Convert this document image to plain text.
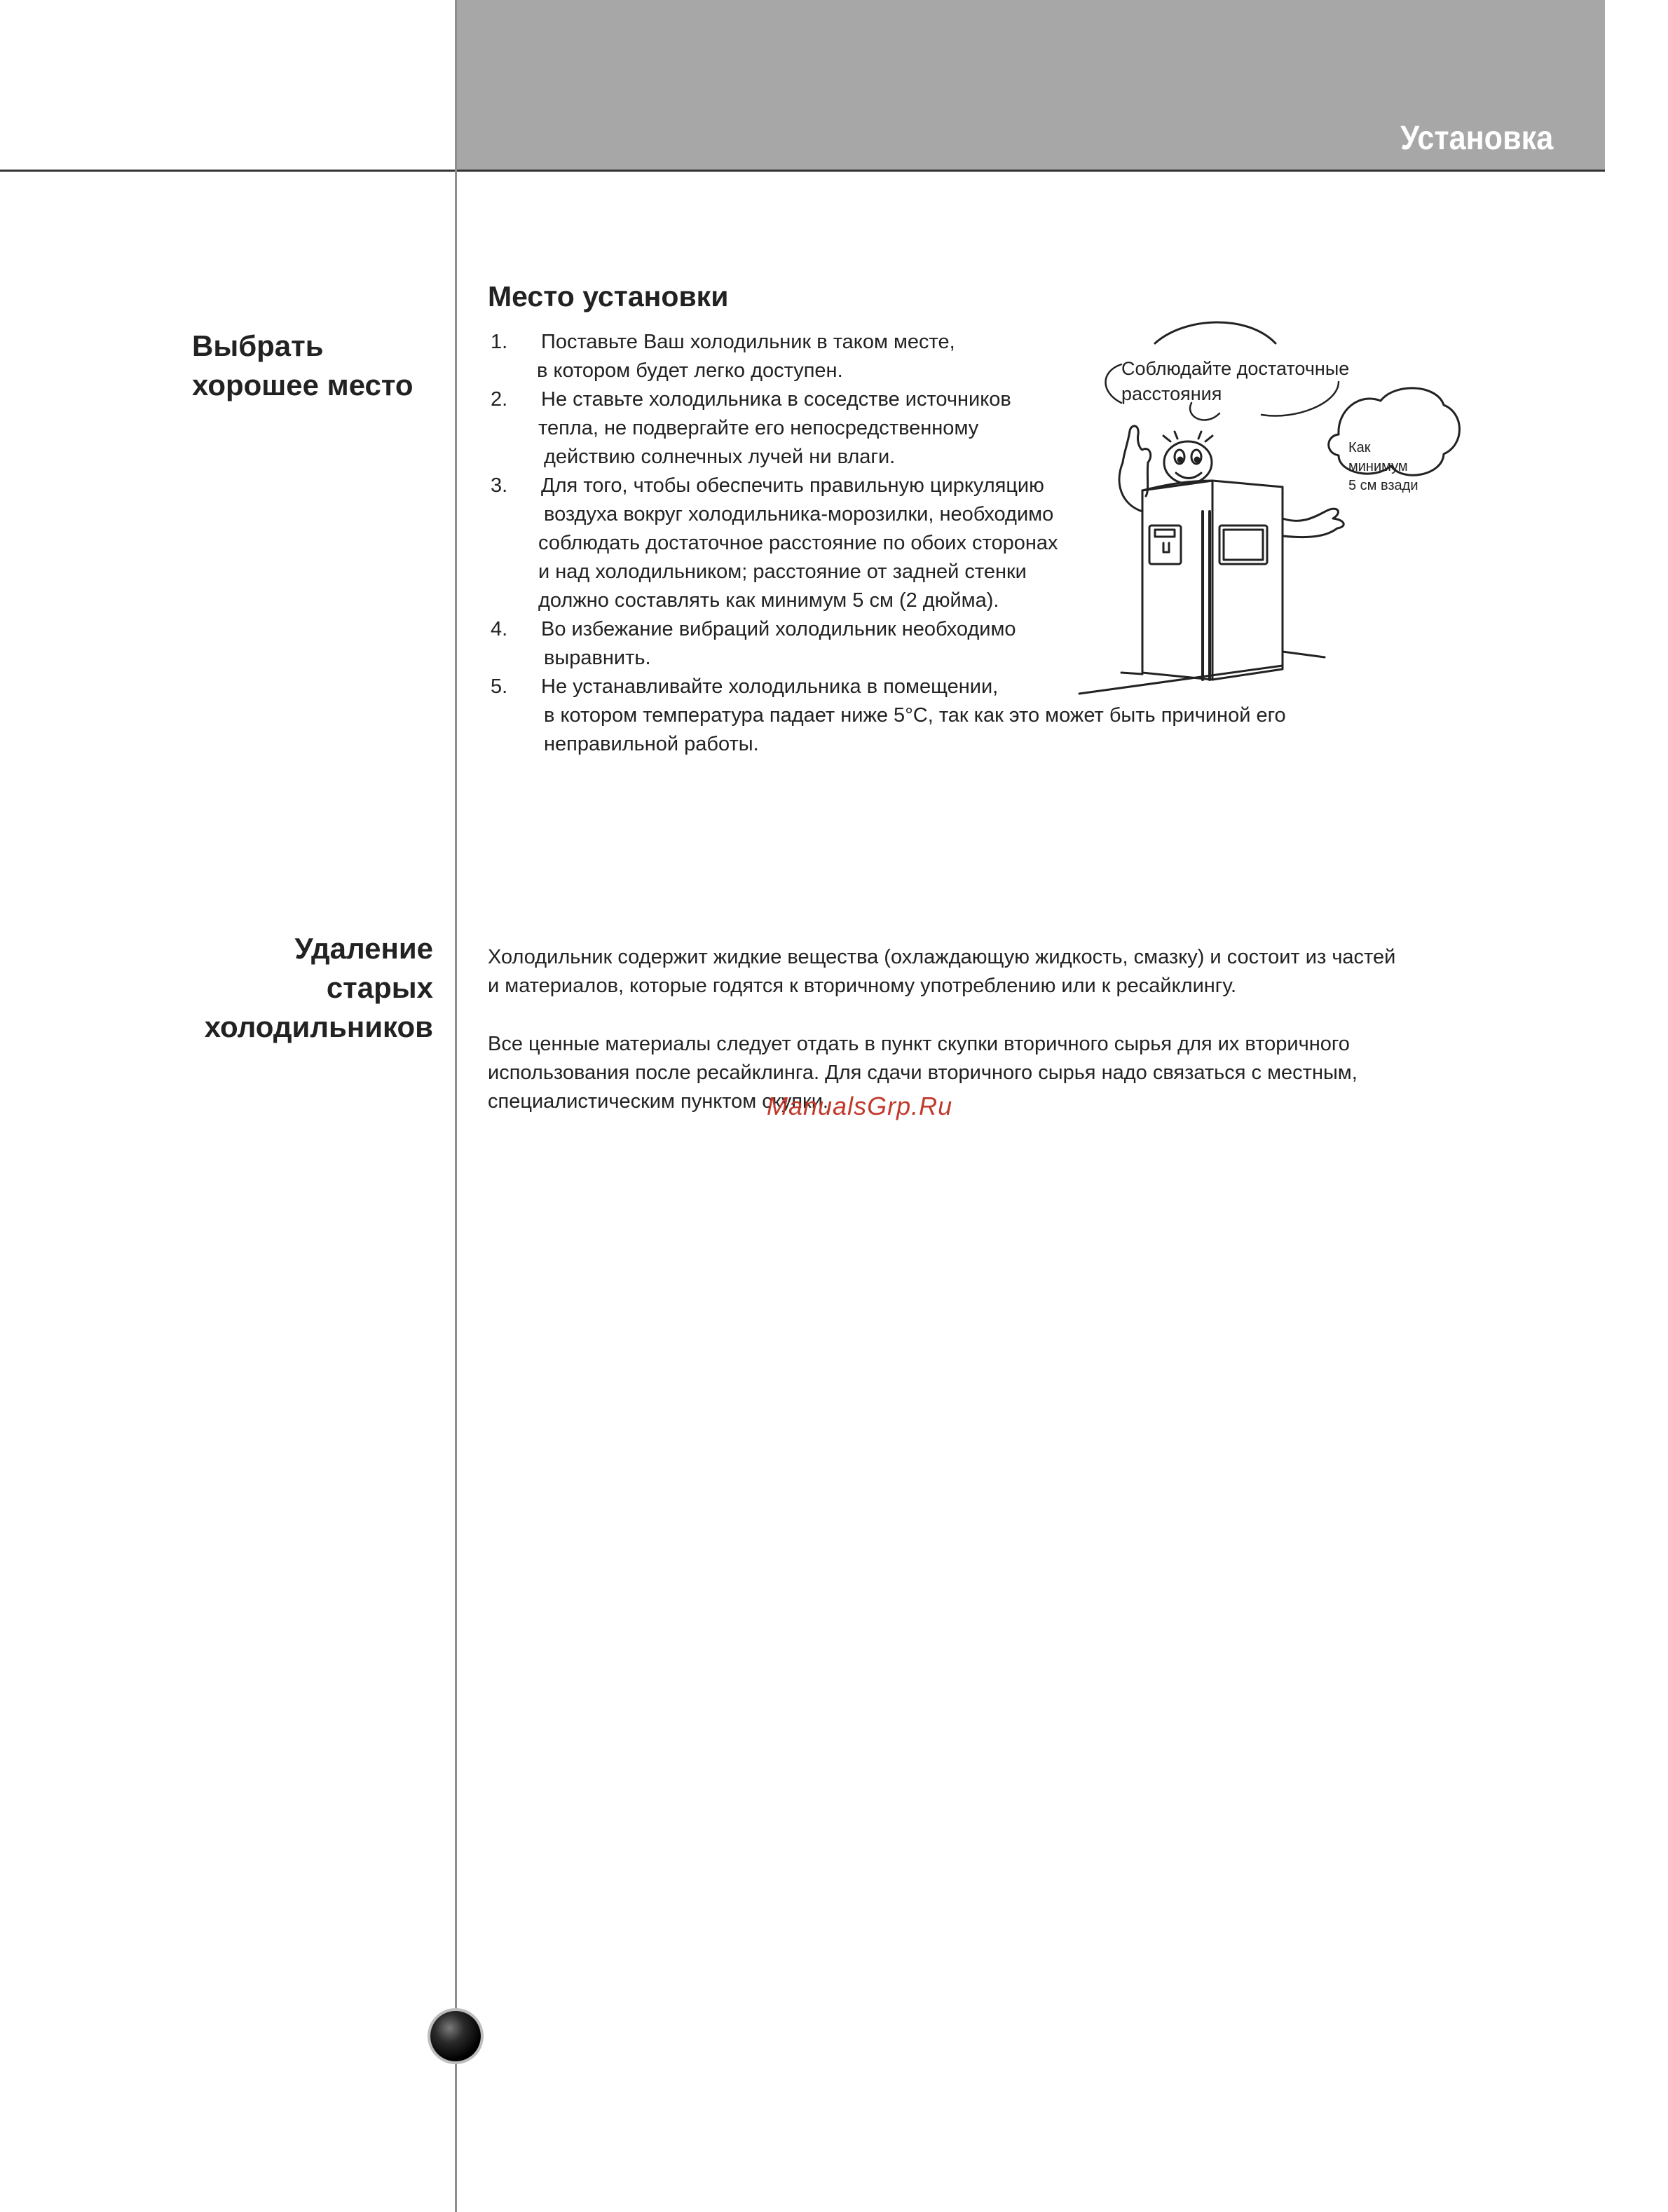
Установка
Выбрать
хорошее место
Удаление старых
холодильников
Место установки
1. Поставьте Ваш холодильник в таком месте,
в котором будет легко доступен.
2. Не ставьте холодильника в соседстве источников
тепла, не подвергайте его непосредственному
действию солнечных лучей ни влаги.
3. Для того, чтобы обеспечить правильную циркуляцию
воздуха вокруг холодильника-морозилки, необходимо
соблюдать достаточное расстояние по обоих сторонах
и над холодильником; расстояние от задней стенки
должно составлять как минимум 5 см (2 дюйма).
4. Во избежание вибраций холодильник необходимо
выравнить.
5. Не устанавливайте холодильника в помещении,
в котором температура падает ниже 5°C, так как это может быть причиной его
неправильной работы.
Соблюдайте достаточные
расстояния
Как
минимум
5 см взади
Холодильник содержит жидкие вещества (охлаждающую жидкость, смазку) и состоит из частей
и материалов, которые годятся к вторичному употреблению или к ресайклингу.
Все ценные материалы следует отдать в пункт скупки вторичного сырья для их вторичного
использования после ресайклинга. Для сдачи вторичного сырья надо связаться с местным,
специалистическим пунктом скупки.
ManualsGrp.Ru
